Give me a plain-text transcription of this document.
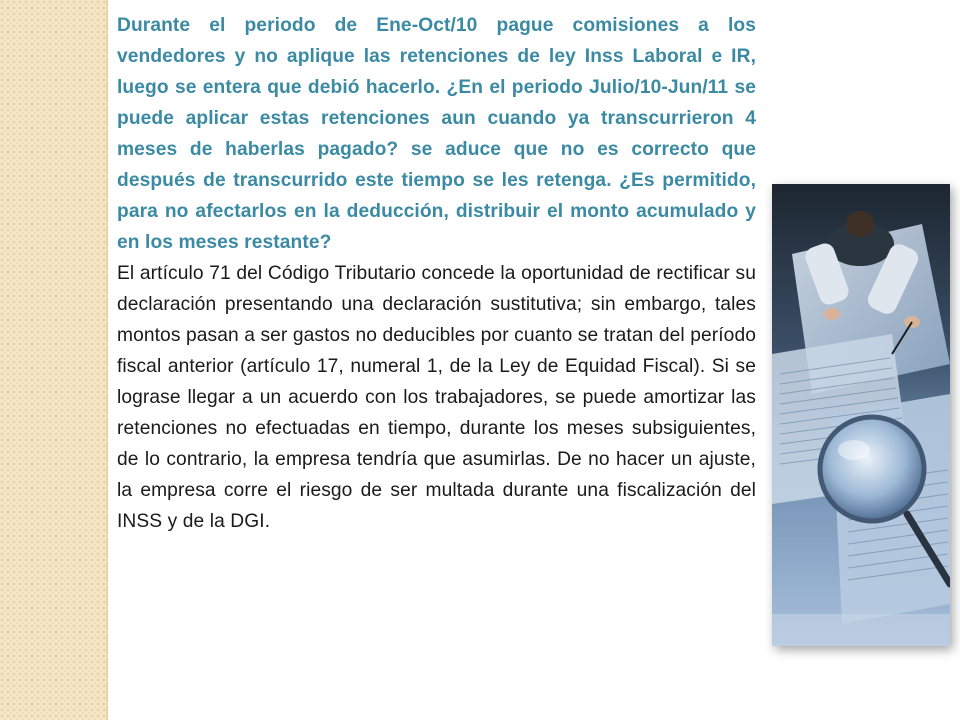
Durante el periodo de Ene-Oct/10 pague comisiones a los vendedores y no aplique las retenciones de ley Inss Laboral e IR, luego se entera que debió hacerlo. ¿En el periodo Julio/10-Jun/11 se puede aplicar estas retenciones aun cuando ya transcurrieron 4 meses de haberlas pagado? se aduce que no es correcto que después de transcurrido este tiempo se les retenga. ¿Es permitido, para no afectarlos en la deducción, distribuir el monto acumulado y en los meses restante?

El artículo 71 del Código Tributario concede la oportunidad de rectificar su declaración presentando una declaración sustitutiva; sin embargo, tales montos pasan a ser gastos no deducibles por cuanto se tratan del período fiscal anterior (artículo 17, numeral 1, de la Ley de Equidad Fiscal). Si se lograse llegar a un acuerdo con los trabajadores, se puede amortizar las retenciones no efectuadas en tiempo, durante los meses subsiguientes, de lo contrario, la empresa tendría que asumirlas. De no hacer un ajuste, la empresa corre el riesgo de ser multada durante una fiscalización del INSS y de la DGI.
